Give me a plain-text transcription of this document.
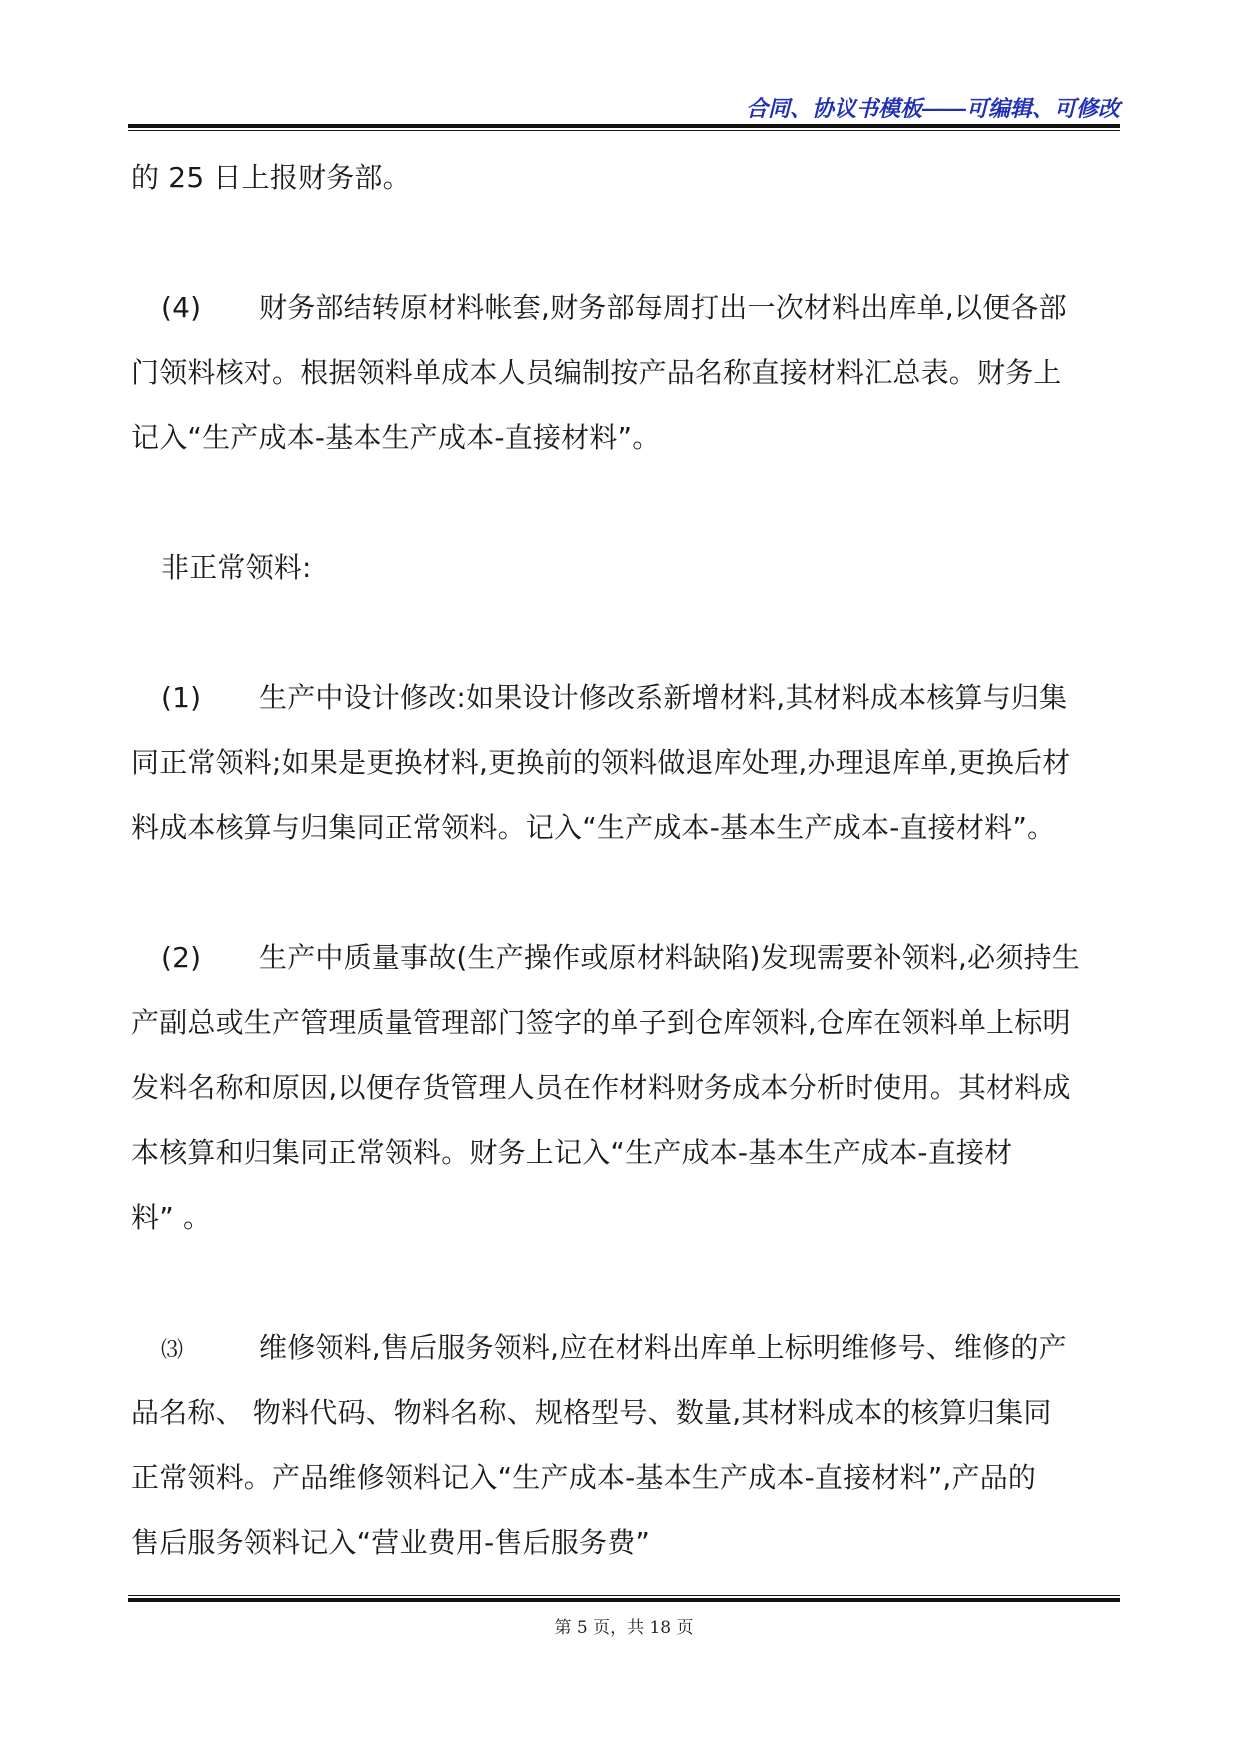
合同、协议书模板——可编辑、可修改
的 25 日上报财务部。
(4) 财务部结转原材料帐套,财务部每周打出一次材料出库单,以便各部
门领料核对。根据领料单成本人员编制按产品名称直接材料汇总表。财务上
记入“生产成本-基本生产成本-直接材料”。
非正常领料:
(1) 生产中设计修改:如果设计修改系新增材料,其材料成本核算与归集
同正常领料;如果是更换材料,更换前的领料做退库处理,办理退库单,更换后材
料成本核算与归集同正常领料。记入“生产成本-基本生产成本-直接材料”。
(2) 生产中质量事故(生产操作或原材料缺陷)发现需要补领料,必须持生
产副总或生产管理质量管理部门签字的单子到仓库领料,仓库在领料单上标明
发料名称和原因,以便存货管理人员在作材料财务成本分析时使用。其材料成
本核算和归集同正常领料。财务上记入“生产成本-基本生产成本-直接材
料” 。
⑶	维修领料,售后服务领料,应在材料出库单上标明维修号、维修的产
品名称、 物料代码、物料名称、规格型号、数量,其材料成本的核算归集同
正常领料。产品维修领料记入“生产成本-基本生产成本-直接材料”,产品的
售后服务领料记入“营业费用-售后服务费”
第 5 页，共 18 页
